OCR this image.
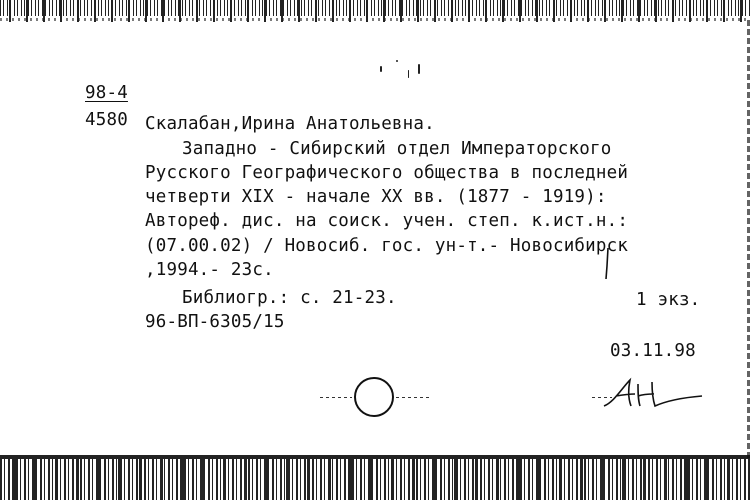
98-4

4580 Скалабан,Ирина Анатольевна.

Западно - Сибирский отдел Императорского

Русского Географического общества в последней

четверти XIX - начале XX вв. (1877 - 1919):

Автореф. дис. на соиск. учен. степ. к.ист.н.:

(07.00.02) / Новосиб. гос. ун-т.- Новосибирск

,1994.- 23с.

Библиогр.: с. 21-23.	1 экз.

96-ВП-6305/15

03.11.98
